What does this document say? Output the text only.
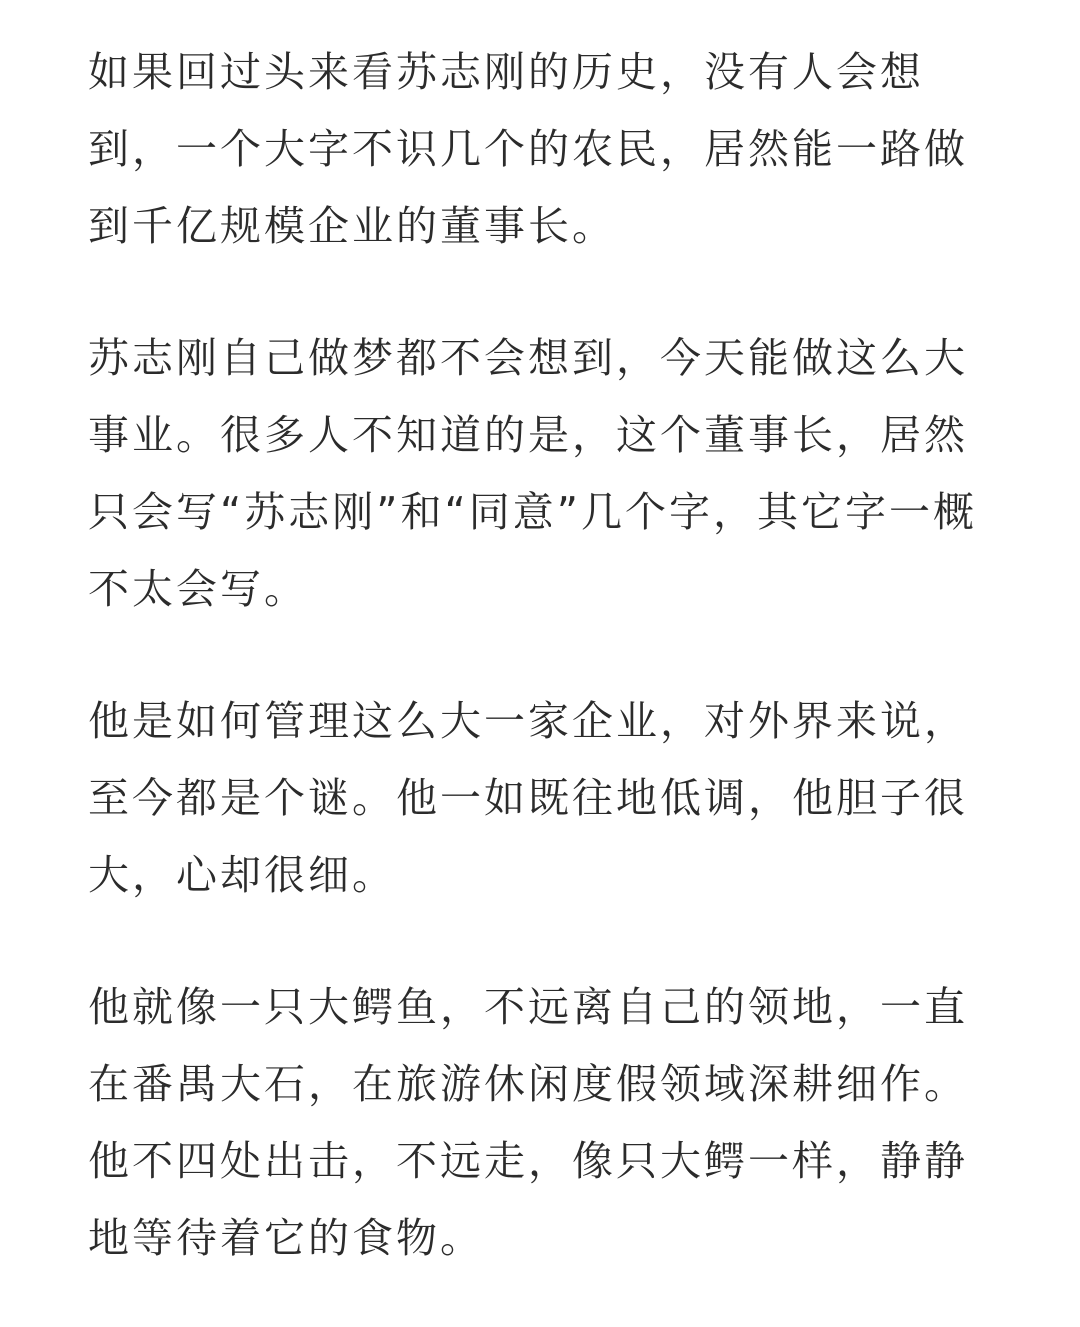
如果回过头来看苏志刚的历史，没有人会想
到，一个大字不识几个的农民，居然能一路做
到千亿规模企业的董事长。

苏志刚自己做梦都不会想到，今天能做这么大
事业。很多人不知道的是，这个董事长，居然
只会写“苏志刚”和“同意”几个字，其它字一概
不太会写。

他是如何管理这么大一家企业，对外界来说，
至今都是个谜。他一如既往地低调，他胆子很
大，心却很细。

他就像一只大鳄鱼，不远离自己的领地，一直
在番禺大石，在旅游休闲度假领域深耕细作。
他不四处出击，不远走，像只大鳄一样，静静
地等待着它的食物。
